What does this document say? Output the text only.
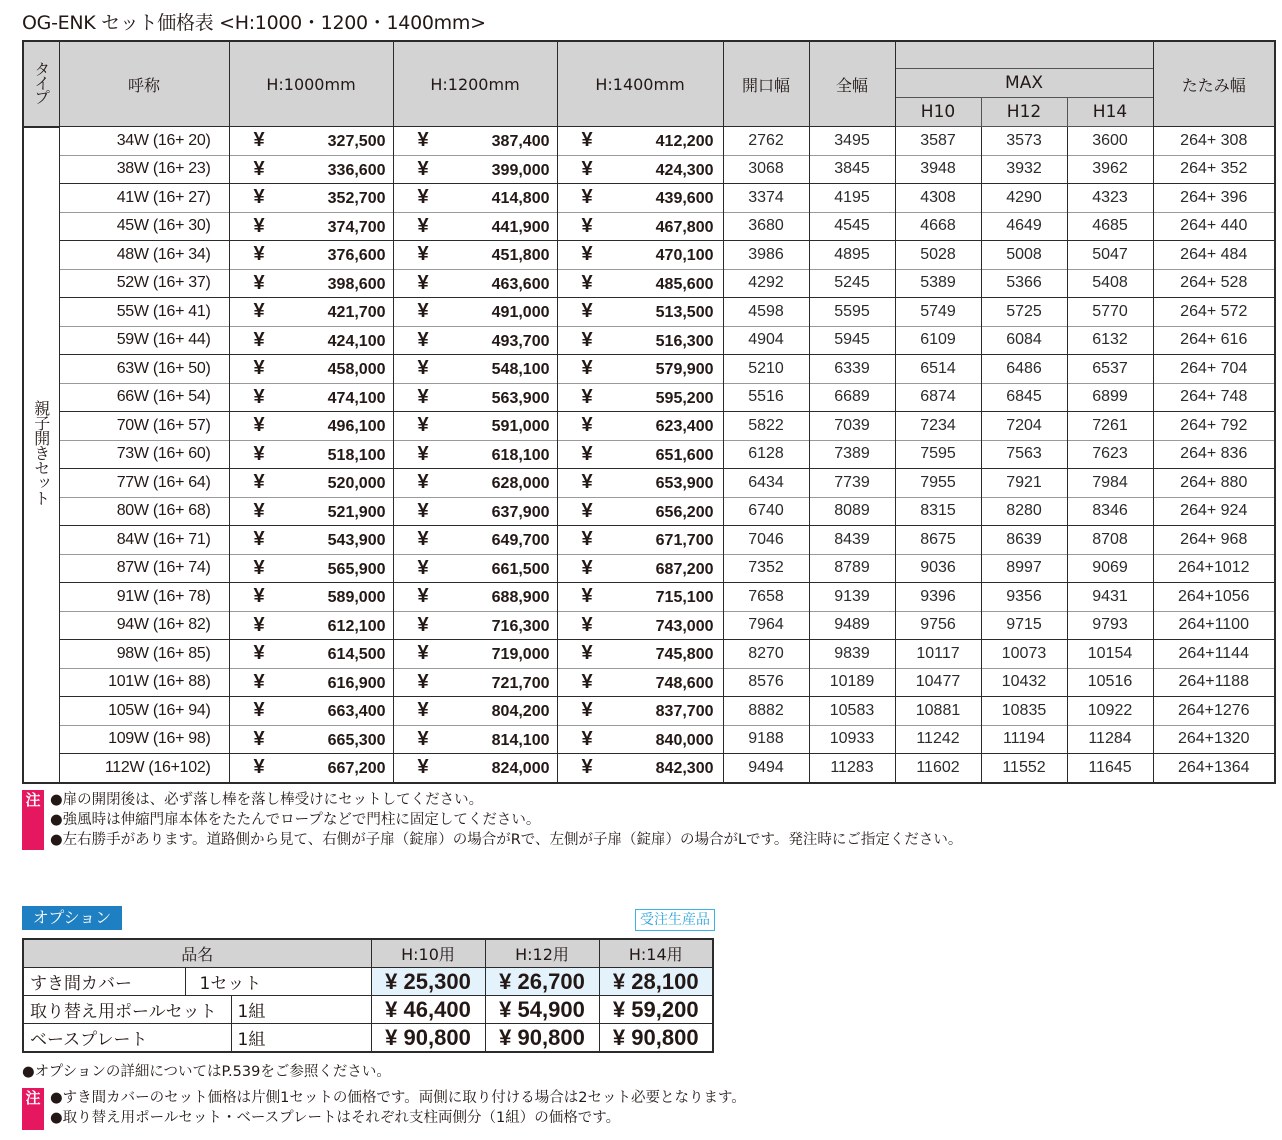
OG-ENK セット価格表 <H:1000・1200・1400mm>
タイプ	呼称	H:1000mm	H:1200mm	H:1400mm	開口幅	全幅				たたみ幅
							MAX			
							H10	H12	H14	
親子開きセット	34W (16+ 20)	¥ 327,500	¥ 387,400	¥ 412,200	2762	3495	3587	3573	3600	264+ 308
	38W (16+ 23)	¥ 336,600	¥ 399,000	¥ 424,300	3068	3845	3948	3932	3962	264+ 352
	41W (16+ 27)	¥ 352,700	¥ 414,800	¥ 439,600	3374	4195	4308	4290	4323	264+ 396
	45W (16+ 30)	¥ 374,700	¥ 441,900	¥ 467,800	3680	4545	4668	4649	4685	264+ 440
	48W (16+ 34)	¥ 376,600	¥ 451,800	¥ 470,100	3986	4895	5028	5008	5047	264+ 484
	52W (16+ 37)	¥ 398,600	¥ 463,600	¥ 485,600	4292	5245	5389	5366	5408	264+ 528
	55W (16+ 41)	¥ 421,700	¥ 491,000	¥ 513,500	4598	5595	5749	5725	5770	264+ 572
	59W (16+ 44)	¥ 424,100	¥ 493,700	¥ 516,300	4904	5945	6109	6084	6132	264+ 616
	63W (16+ 50)	¥ 458,000	¥ 548,100	¥ 579,900	5210	6339	6514	6486	6537	264+ 704
	66W (16+ 54)	¥ 474,100	¥ 563,900	¥ 595,200	5516	6689	6874	6845	6899	264+ 748
	70W (16+ 57)	¥ 496,100	¥ 591,000	¥ 623,400	5822	7039	7234	7204	7261	264+ 792
	73W (16+ 60)	¥ 518,100	¥ 618,100	¥ 651,600	6128	7389	7595	7563	7623	264+ 836
	77W (16+ 64)	¥ 520,000	¥ 628,000	¥ 653,900	6434	7739	7955	7921	7984	264+ 880
	80W (16+ 68)	¥ 521,900	¥ 637,900	¥ 656,200	6740	8089	8315	8280	8346	264+ 924
	84W (16+ 71)	¥ 543,900	¥ 649,700	¥ 671,700	7046	8439	8675	8639	8708	264+ 968
	87W (16+ 74)	¥ 565,900	¥ 661,500	¥ 687,200	7352	8789	9036	8997	9069	264+1012
	91W (16+ 78)	¥ 589,000	¥ 688,900	¥ 715,100	7658	9139	9396	9356	9431	264+1056
	94W (16+ 82)	¥ 612,100	¥ 716,300	¥ 743,000	7964	9489	9756	9715	9793	264+1100
	98W (16+ 85)	¥ 614,500	¥ 719,000	¥ 745,800	8270	9839	10117	10073	10154	264+1144
	101W (16+ 88)	¥ 616,900	¥ 721,700	¥ 748,600	8576	10189	10477	10432	10516	264+1188
	105W (16+ 94)	¥ 663,400	¥ 804,200	¥ 837,700	8882	10583	10881	10835	10922	264+1276
	109W (16+ 98)	¥ 665,300	¥ 814,100	¥ 840,000	9188	10933	11242	11194	11284	264+1320
	112W (16+102)	¥ 667,200	¥ 824,000	¥ 842,300	9494	11283	11602	11552	11645	264+1364
注 ●扉の開閉後は、必ず落し棒を落し棒受けにセットしてください。
●強風時は伸縮門扉本体をたたんでロープなどで門柱に固定してください。
●左右勝手があります。道路側から見て、右側が子扉（錠扉）の場合がRで、左側が子扉（錠扉）の場合がLです。発注時にご指定ください。
オプション	受注生産品
品名			H:10用	H:12用	H:14用
すき間カバー	1セット		¥ 25,300	¥ 26,700	¥ 28,100
取り替え用ポールセット		1組	¥ 46,400	¥ 54,900	¥ 59,200
ベースプレート		1組	¥ 90,800	¥ 90,800	¥ 90,800
●オプションの詳細についてはP.539をご参照ください。
注 ●すき間カバーのセット価格は片側1セットの価格です。両側に取り付ける場合は2セット必要となります。
●取り替え用ポールセット・ベースプレートはそれぞれ支柱両側分（1組）の価格です。
